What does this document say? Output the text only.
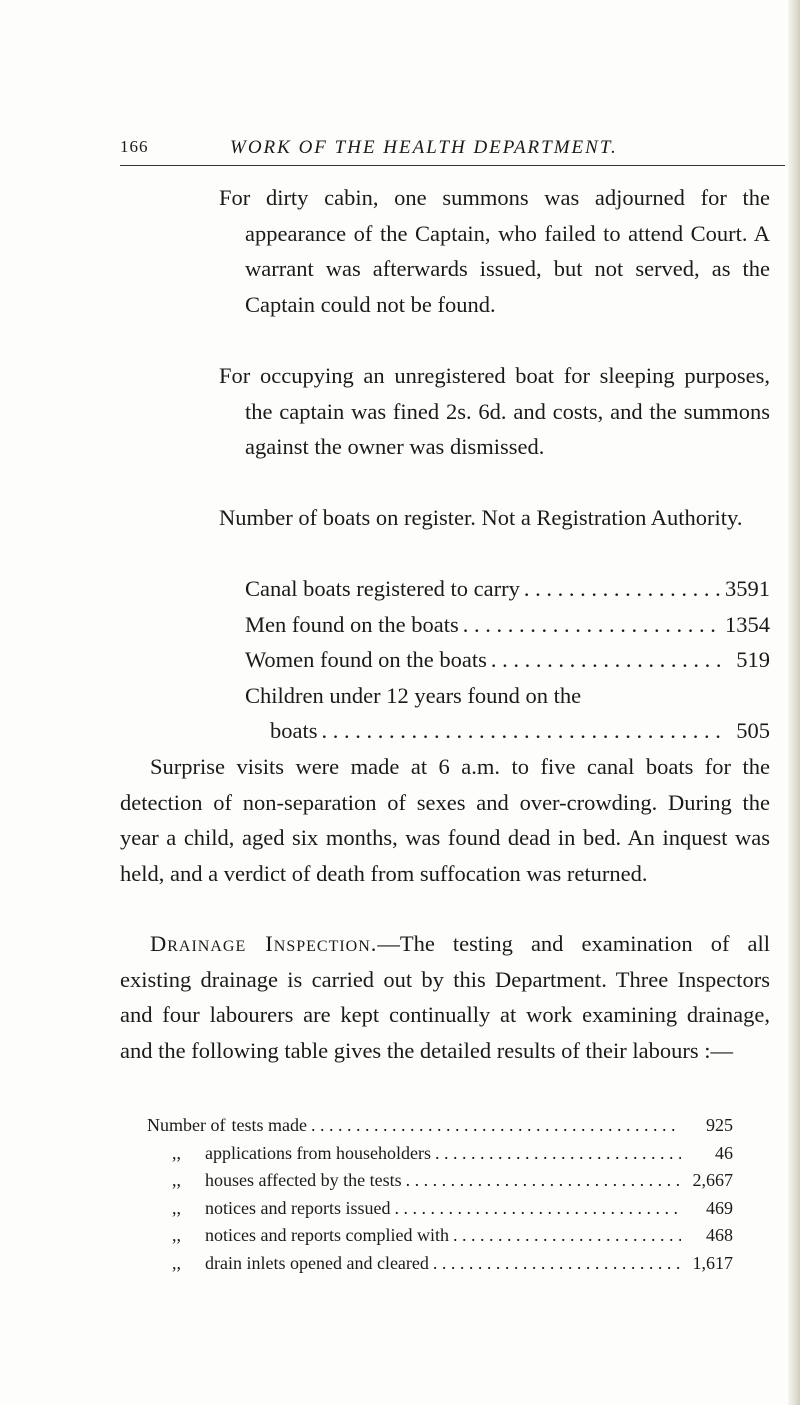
166	WORK OF THE HEALTH DEPARTMENT.

For dirty cabin, one summons was adjourned for the appearance of the Captain, who failed to attend Court. A warrant was afterwards issued, but not served, as the Captain could not be found.

For occupying an unregistered boat for sleeping purposes, the captain was fined 2s. 6d. and costs, and the summons against the owner was dismissed.

Number of boats on register. Not a Registration Authority.

Canal boats registered to carry . . .	3591
Men found on the boats . . .	1354
Women found on the boats . . .	519
Children under 12 years found on the
boats . . .	505

Surprise visits were made at 6 a.m. to five canal boats for the detection of non-separation of sexes and over-crowding. During the year a child, aged six months, was found dead in bed. An inquest was held, and a verdict of death from suffocation was returned.

Drainage Inspection.—The testing and examination of all existing drainage is carried out by this Department. Three Inspectors and four labourers are kept continually at work examining drainage, and the following table gives the detailed results of their labours :—

Number of tests made . . .	925
,,	applications from householders . . .	46
,,	houses affected by the tests . . .	2,667
,,	notices and reports issued . . .	469
,,	notices and reports complied with . . .	468
,,	drain inlets opened and cleared . . .	1,617
